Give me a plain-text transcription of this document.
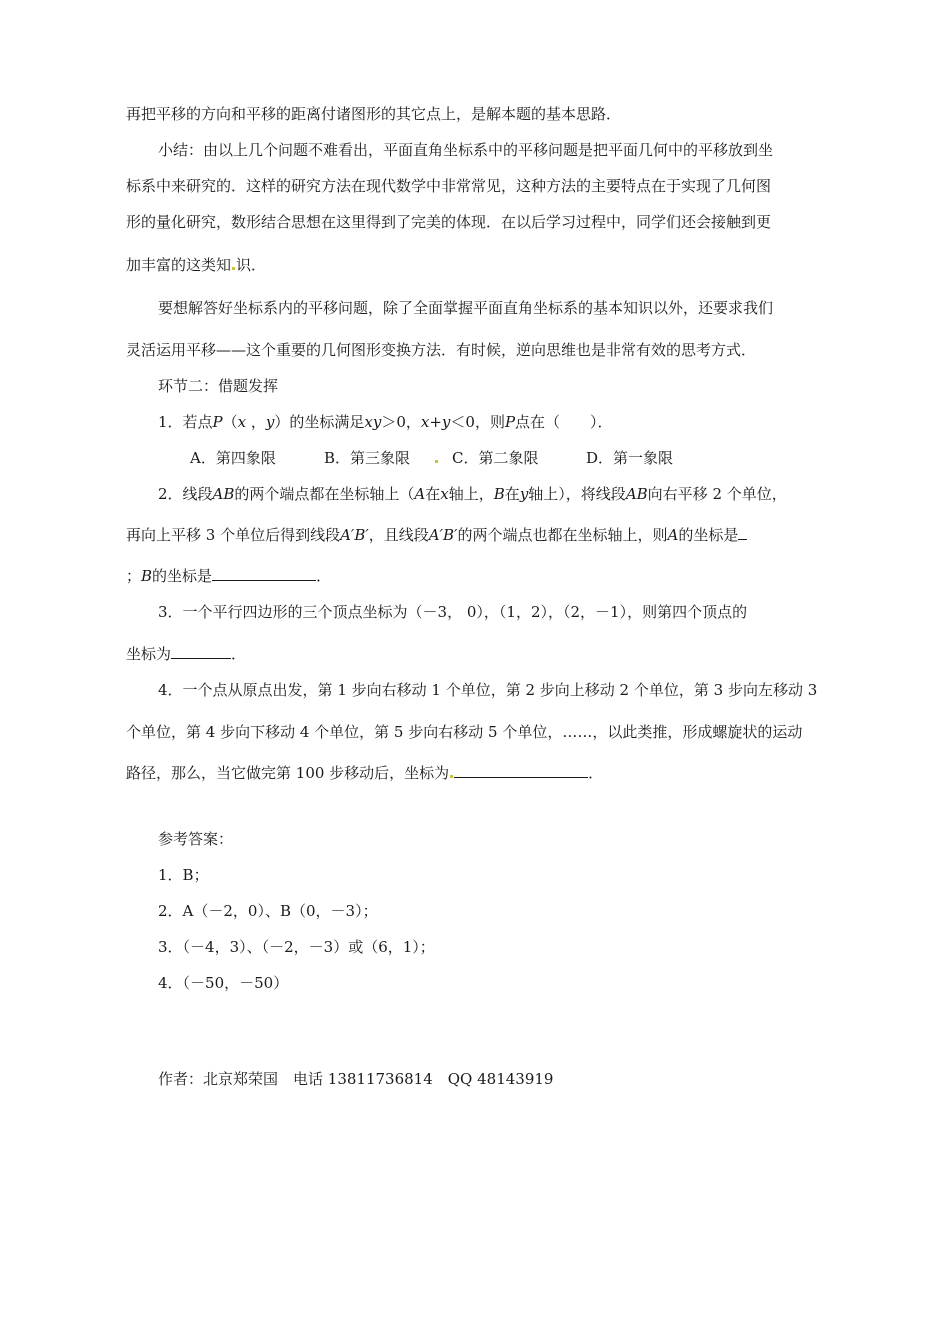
再把平移的方向和平移的距离付诸图形的其它点上，是解本题的基本思路．
小结：由以上几个问题不难看出，平面直角坐标系中的平移问题是把平面几何中的平移放到坐
标系中来研究的．这样的研究方法在现代数学中非常常见，这种方法的主要特点在于实现了几何图
形的量化研究，数形结合思想在这里得到了完美的体现．在以后学习过程中，同学们还会接触到更
加丰富的这类知 识．
要想解答好坐标系内的平移问题，除了全面掌握平面直角坐标系的基本知识以外，还要求我们
灵活运用平移——这个重要的几何图形变换方法．有时候，逆向思维也是非常有效的思考方式．
环节二：借题发挥
1．若点P（x ，y）的坐标满足xy＞0，x+y＜0，则P点在（　　）．
A．第四象限	B．第三象限	C．第二象限	D．第一象限
2．线段AB的两个端点都在坐标轴上（A在x轴上，B在y轴上），将线段AB向右平移 2 个单位，
再向上平移 3 个单位后得到线段A′B′，且线段A′B′的两个端点也都在坐标轴上，则A的坐标是
；B的坐标是	．
3．一个平行四边形的三个顶点坐标为（－3， 0），（1，2），（2，－1），则第四个顶点的
坐标为	．
4．一个点从原点出发，第 1 步向右移动 1 个单位，第 2 步向上移动 2 个单位，第 3 步向左移动 3
个单位，第 4 步向下移动 4 个单位，第 5 步向右移动 5 个单位，……，以此类推，形成螺旋状的运动
路径，那么，当它做完第 100 步移动后，坐标为	．
参考答案：
1．B；
2．A（－2，0）、B（0，－3）；
3．（－4，3）、（－2，－3）或（6，1）；
4．（－50，－50）
作者：北京郑荣国　电话 13811736814　QQ 48143919
